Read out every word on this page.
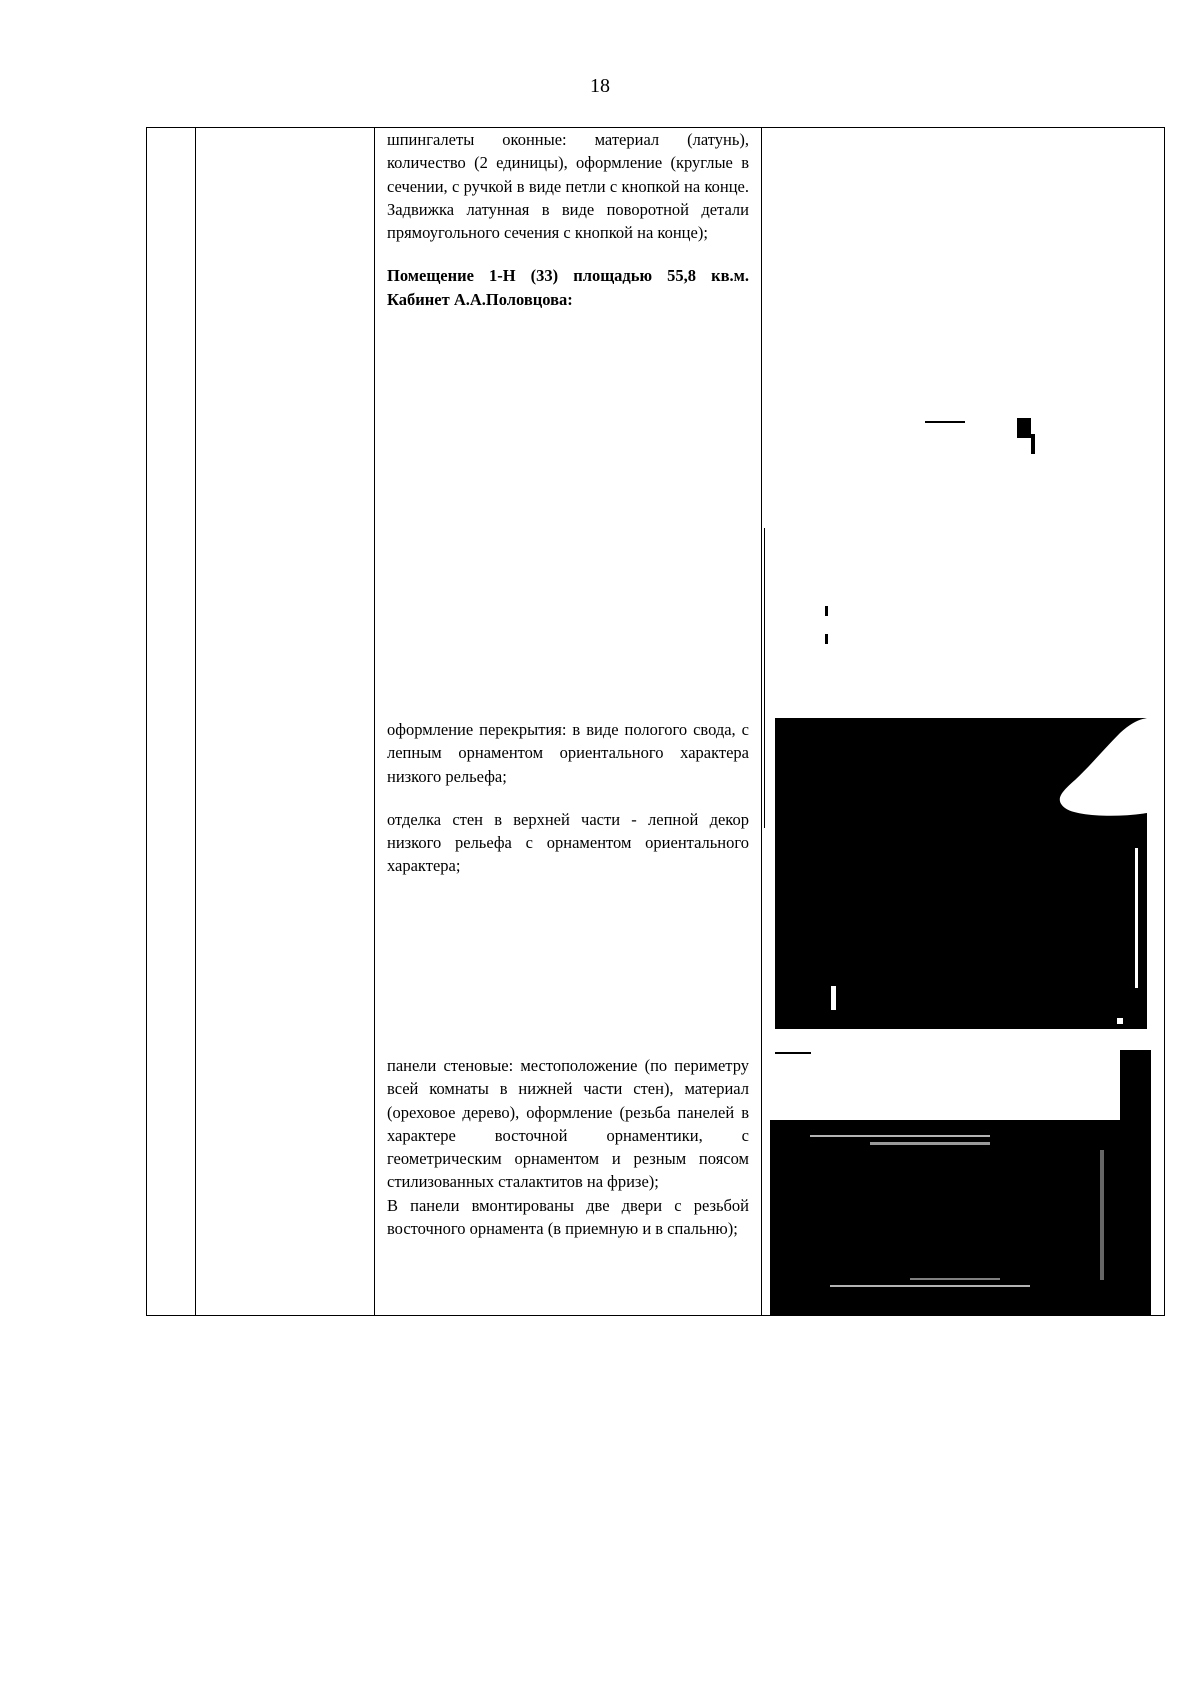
18

шпингалеты оконные: материал (латунь), количество (2 единицы), оформление (круглые в сечении, с ручкой в виде петли с кнопкой на конце. Задвижка латунная в виде поворотной детали прямоугольного сечения с кнопкой на конце);

Помещение 1-Н (33) площадью 55,8 кв.м. Кабинет А.А.Половцова:

оформление перекрытия: в виде пологого свода, с лепным орнаментом ориентального характера низкого рельефа;

отделка стен в верхней части - лепной декор низкого рельефа с орнаментом ориентального характера;

панели стеновые: местоположение (по периметру всей комнаты в нижней части стен), материал (ореховое дерево), оформление (резьба панелей в характере восточной орнаментики, с геометрическим орнаментом и резным поясом стилизованных сталактитов на фризе);

В панели вмонтированы две двери с резьбой восточного орнамента (в приемную и в спальню);
